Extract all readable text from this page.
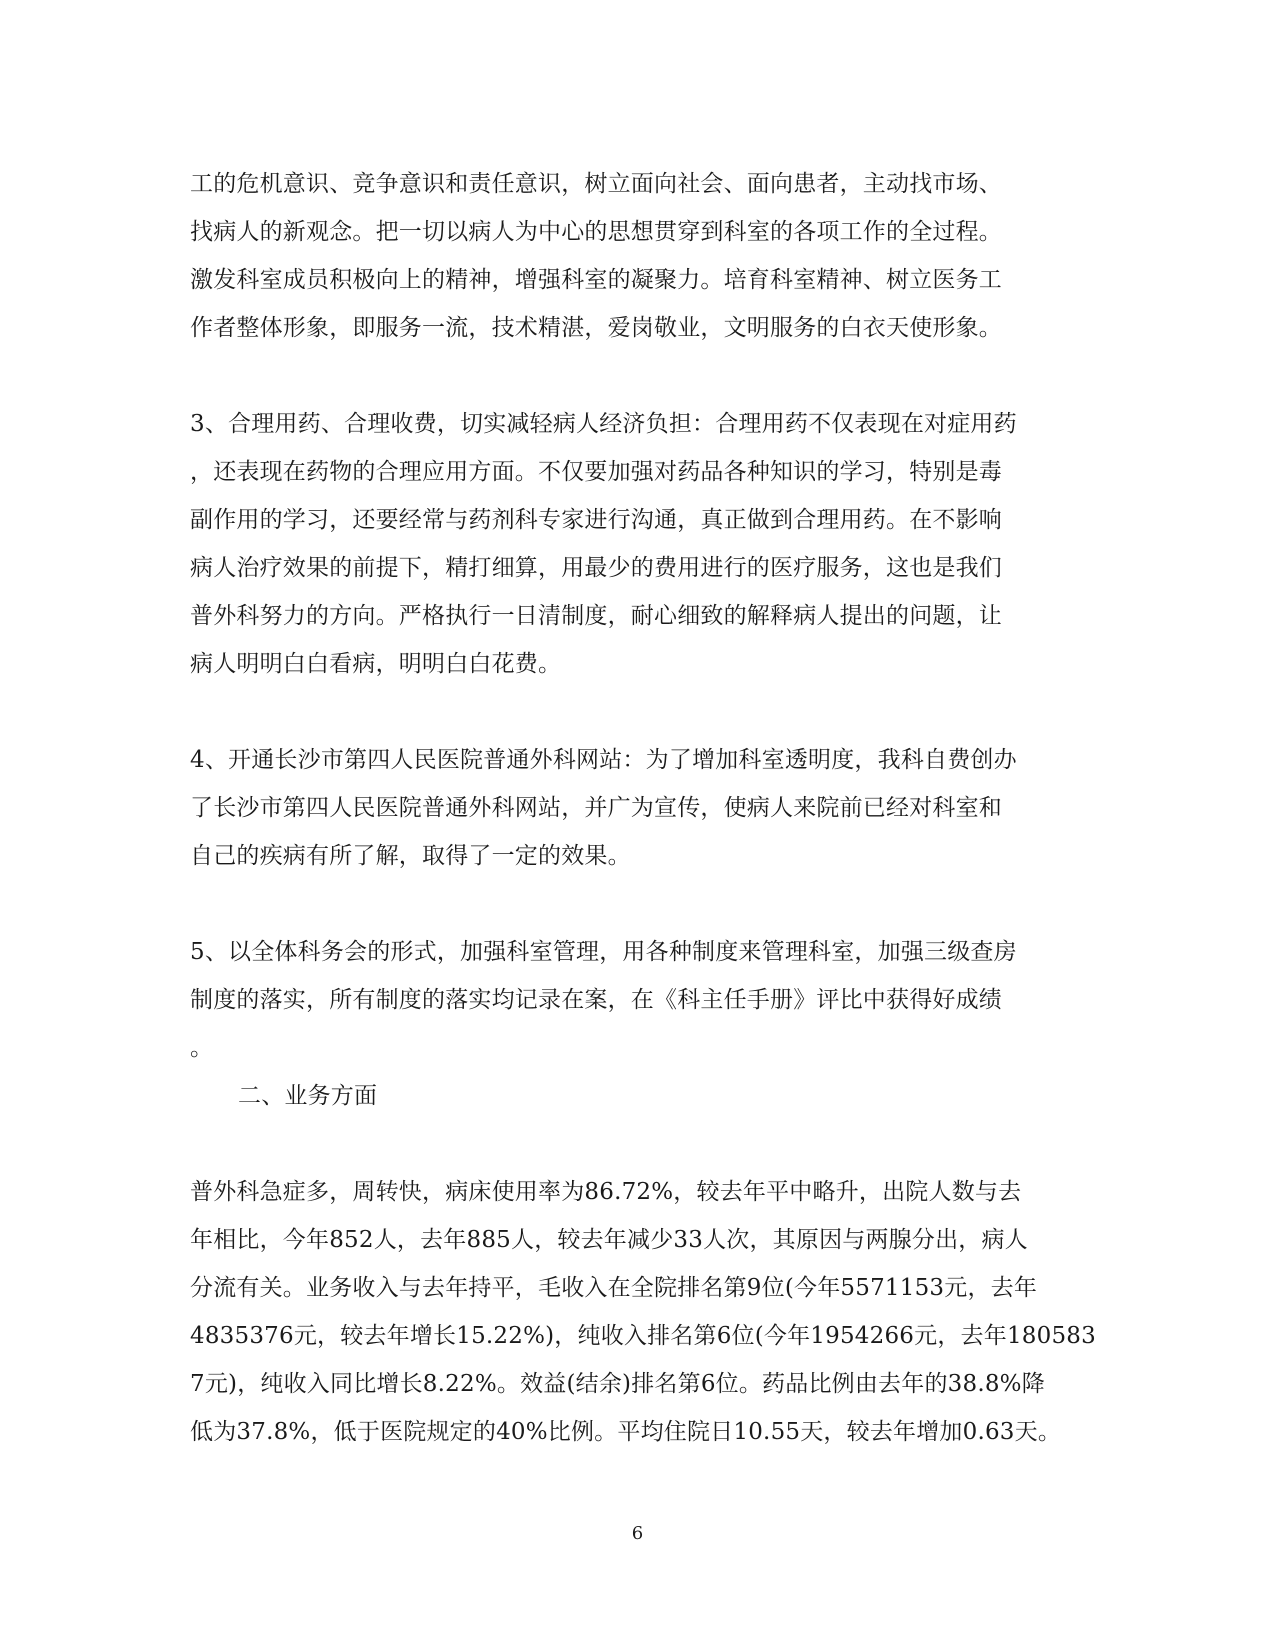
工的危机意识、竞争意识和责任意识，树立面向社会、面向患者，主动找市场、
找病人的新观念。把一切以病人为中心的思想贯穿到科室的各项工作的全过程。
激发科室成员积极向上的精神，增强科室的凝聚力。培育科室精神、树立医务工
作者整体形象，即服务一流，技术精湛，爱岗敬业，文明服务的白衣天使形象。
3、合理用药、合理收费，切实减轻病人经济负担：合理用药不仅表现在对症用药
，还表现在药物的合理应用方面。不仅要加强对药品各种知识的学习，特别是毒
副作用的学习，还要经常与药剂科专家进行沟通，真正做到合理用药。在不影响
病人治疗效果的前提下，精打细算，用最少的费用进行的医疗服务，这也是我们
普外科努力的方向。严格执行一日清制度，耐心细致的解释病人提出的问题，让
病人明明白白看病，明明白白花费。
4、开通长沙市第四人民医院普通外科网站：为了增加科室透明度，我科自费创办
了长沙市第四人民医院普通外科网站，并广为宣传，使病人来院前已经对科室和
自己的疾病有所了解，取得了一定的效果。
5、以全体科务会的形式，加强科室管理，用各种制度来管理科室，加强三级查房
制度的落实，所有制度的落实均记录在案，在《科主任手册》评比中获得好成绩
。
二、业务方面
普外科急症多，周转快，病床使用率为86.72%，较去年平中略升，出院人数与去
年相比，今年852人，去年885人，较去年减少33人次，其原因与两腺分出，病人
分流有关。业务收入与去年持平，毛收入在全院排名第9位(今年5571153元，去年
4835376元，较去年增长15.22%)，纯收入排名第6位(今年1954266元，去年180583
7元)，纯收入同比增长8.22%。效益(结余)排名第6位。药品比例由去年的38.8%降
低为37.8%，低于医院规定的40%比例。平均住院日10.55天，较去年增加0.63天。
6
